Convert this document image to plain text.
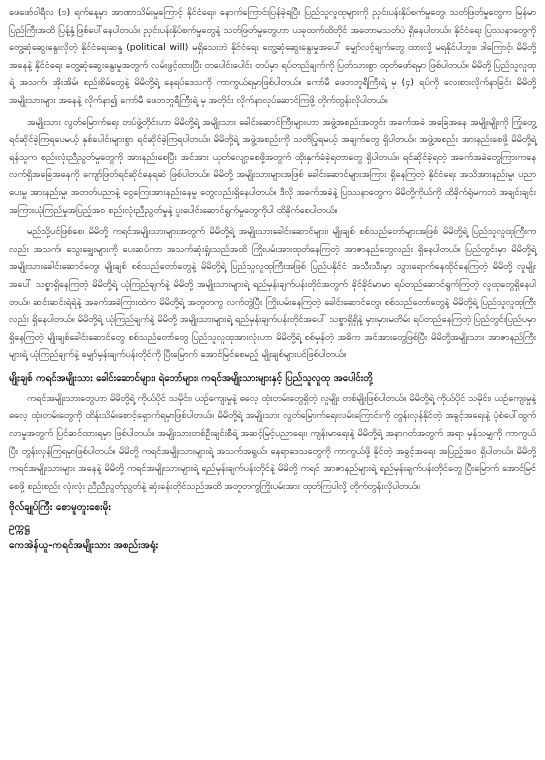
ဖေဖော်ဝါရီလ (၁) ရက်နေ့မှာ အာဏာသိမ်းမှုကြောင့် နိုင်ငံရေး၊ နောက်ကြောင်းပြန်ခဲ့ရပြီး ပြည်သူလူထုများကို ညှင်းပန်းနှိပ်စက်မှုတွေ၊ သတ်ဖြတ်မှုတွေက မြန်မာပြည်ကြီးအထိ ပြန့်နှံ့ဖြစ်ပေါ်နေပါတယ်။ ညှင်းပန်းနှိပ်စက်မှုတွေနဲ့ သတ်ဖြတ်မှုတွေဟာ ယခုထက်ထိတိုင် အတောမသတ်ပဲ ရှိနေပါတယ်။ နိုင်ငံရေး ပြဿနာတွေကို တွေ့ဆုံဆွေးနွေးလိုတဲ့ နိုင်ငံရေးဆန္ဒ (political will) မရှိသေးဘဲ နိုင်ငံရေး တွေ့ဆုံဆွေးနွေးမှုအပေါ် မျှော်လင့်ချက်တွေ ထားလို့ မရနိုင်ပါဘူး။ ဒါကြောင့်၊ မိမိတို့ အနေနဲ့ နိုင်ငံရေး တွေ့ဆုံဆွေးနွေးမှုအတွက် လမ်းဖွင့်ထားပြီး တပေါင်းပေါင်း တပ်မှာ ရပ်တည်ချက်ကို ပြတ်သားစွာ ထုတ်ဖော်ရမှာ ဖြစ်ပါတယ်။ မိမိတို့ ပြည်သူလူထုရဲ့ အသက်၊ အိုးအိမ်၊ စည်းစိမ်တွေနဲ့ မိမိတို့ရဲ့ နေရပ်ဒေသကို ကာကွယ်ရမှာဖြစ်ပါတယ်။ ကော်မီ ဖေဘဘူရီကြီးရဲ့ မှ (၄) ရပ်ကို လေးစားလိုက်နာခြင်း မိမိတို့ အမျိုးသားများ အနေနဲ့ လိုက်နာ၍ ကော်မီ ဖေဘဘူရီကြီးရဲ့ မှ အတိုင်း လိုက်နာလုပ်ဆောင်ကြဖို့ တိုက်တွန်းလိုပါတယ်။

အမျိုးသား လွတ်မြောက်ရေး တပ်ဖွဲ့တိုင်းဟာ မိမိတို့ရဲ့ အမျိုးသား ခေါင်းဆောင်ကြီးများဟာ အဖွဲ့အစည်းအတွင်း အခက်အခဲ အခြေအနေ အမျိုးမျိုးကို ကြုံတွေ့ရင်ဆိုင်ခဲ့ကြရပေမယ့် နှစ်ပေါင်းများစွာ ရင်ဆိုင်ခဲ့ကြရပါတယ်။ မိမိတို့ရဲ့ အဖွဲ့အစည်းကို သတိပြုရမယ့် အချက်တွေ ရှိပါတယ်။ အဖွဲ့အစည်း အားနည်းစေဖို့ မိမိတို့ရဲ့ ရန်သူက စည်းလုံးညီညွတ်မှုတွေကို အားနည်းစေပြီး အင်အား ယုတ်လျော့စေဖို့အတွက် ထိုးနှက်ခံခဲ့ရတာတွေ ရှိပါတယ်။ ရင်ဆိုင်ခဲ့ရတဲ့ အခက်အခဲတွေကြားကနေ လက်ရှိအခြေအနေကို ကျော်ဖြတ်ရင်ဆိုင်နေရဆဲ ဖြစ်ပါတယ်။ မိမိတို့ အမျိုးသားများအဖြစ် ခေါင်းဆောင်များအကြား ရှိနေကြတဲ့ နိုင်ငံရေး အသိအားနည်းမှု၊ ပညာပေးမှု အားနည်းမှု၊ အတတ်ပညာနဲ့ ငွေကြေးအားနည်းနေမှု တွေလည်းရှိနေပါတယ်။ ဒီလို အခက်အခဲနဲ့ ပြဿနာတွေက မိမိတို့ကိုယ်ကို ထိခိုက်ရုံမကဘဲ အချင်းချင်း အကြားယုံကြည်မှုအပြည့်အဝ စည်းလုံးညီညွတ်မှုနဲ့ ပူးပေါင်းဆောင်ရွက်မှုတွေကိုပါ ထိခိုက်စေပါတယ်။

မည်သို့ပင်ဖြစ်စေ၊ မိမိတို့ ကရင်အမျိုးသားများအတွက် မိမိတို့ရဲ့ အမျိုးသားခေါင်းဆောင်များ၊ မျိုးချစ် စစ်သည်တော်များအဖြစ် မိမိတို့ရဲ့ ပြည်သူလူထုကြီးကလည်း အသက်၊ သွေးချွေးများကို ပေးဆပ်ကာ အသက်ဆုံးရှုံးသည်အထိ ကြိုးပမ်းအားထုတ်နေကြတဲ့ အာဇာနည်တွေလည်း ရှိနေပါတယ်။ ပြည်တွင်းမှာ မိမိတို့ရဲ့ အမျိုးသားခေါင်းဆောင်တွေ၊ မျိုးချစ် စစ်သည်တော်တွေနဲ့ မိမိတို့ရဲ့ ပြည်သူလူထုကြီးအဖြစ် ပြည်ပနိုင်ငံ အသီးသီးမှာ သွားရောက်နေထိုင်နေကြတဲ့ မိမိတို့ လူမျိုးအပေါ် သစ္စာရှိနေကြတဲ့ မိမိတို့ရဲ့ ယုံကြည်ချက်နဲ့ မိမိတို့ အမျိုးသားများရဲ့ ရည်မှန်းချက်ပန်းတိုင်အတွက် ခိုင်ခိုင်မာမာ ရပ်တည်ဆောင်ရွက်ကြတဲ့ လူထုတွေရှိနေပါတယ်။ ဆင်းဆင်းရဲရဲနဲ့ အခက်အခဲကြားထဲက မိမိတို့ရဲ့ အတူတကွ လက်တွဲပြီး ကြိုးပမ်းနေကြတဲ့ ခေါင်းဆောင်တွေ၊ စစ်သည်တော်တွေနဲ့ မိမိတို့ရဲ့ ပြည်သူလူထုကြီးလည်း ရှိနေပါတယ်။ မိမိတို့ရဲ့ ယုံကြည်ချက်နဲ့ မိမိတို့ အမျိုးသားများရဲ့ ရည်မှန်းချက်ပန်းတိုင်အပေါ် သစ္စာရှိရှိနဲ့ မှားမှားမတိမ်း ရပ်တည်နေကြတဲ့ ပြည်တွင်းပြည်ပမှာ ရှိနေကြတဲ့ မျိုးချစ်ခေါင်းဆောင်တွေ စစ်သည်တော်တွေ ပြည်သူလူထုအားလုံးဟာ မိမိတို့ရဲ့ စစ်မှန်တဲ့ အဓိက အင်အားတွေဖြစ်ပြီး မိမိတို့အမျိုးသား အာဇာနည်ကြီးများရဲ့ ယုံကြည်ချက်နဲ့ မျှော်မှန်းချက်ပန်းတိုင်ကို ပြီးမြောက် အောင်မြင်စေမည့် မျိုးချစ်များပင်ဖြစ်ပါတယ်။

မျိုးချစ် ကရင်အမျိုးသား ခေါင်းဆောင်များ၊ ရဲဘော်များ၊ ကရင်အမျိုးသားများနှင့် ပြည်သူလူထု အပေါင်းတို့

ကရင်အမျိုးသားတွေဟာ မိမိတို့ရဲ့ ကိုယ်ပိုင် သမိုင်း၊ ယဉ်ကျေးမှုနဲ့ ဓလေ့ ထုံးတမ်းတွေရှိတဲ့ လူမျိုး တစ်မျိုးဖြစ်ပါတယ်။ မိမိတို့ရဲ့ ကိုယ်ပိုင် သမိုင်း၊ ယဉ်ကျေးမှုနဲ့ ဓလေ့ ထုံးတမ်းတွေကို ထိန်းသိမ်းစောင့်ရှောက်ရမှာဖြစ်ပါတယ်။ မိမိတို့ရဲ့ အမျိုးသား လွတ်မြောက်ရေးလမ်းကြောင်းကို တွန်းလှန်နိုင်တဲ့ အခွင့်အရေးနဲ့ ပုံစံပေါ်ထွက်လာမှုအတွက် ပြင်ဆင်ထားရမှာ ဖြစ်ပါတယ်။ အမျိုးသားတစ်ဦးချင်းစီရဲ့ အဆင့်မြင့်ပညာရေး၊ ကျန်းမာရေးနဲ့ မိမိတို့ရဲ့ အနာဂတ်အတွက် အရာ မှန်သမျှကို ကာကွယ်ပြီး တွန်းလှန်ကြရမှာဖြစ်ပါတယ်။ မိမိတို့ ကရင်အမျိုးသားများရဲ့ အသက်အရွယ်၊ နေရာဒေသတွေကို ကာကွယ်ဖို့ နိုင်တဲ့ အခွင့်အရေး အပြည့်အဝ ရှိပါတယ်။ မိမိတို့ ကရင်အမျိုးသားများ အနေနဲ့ မိမိတို့ ကရင်အမျိုးသားများရဲ့ ရည်မှန်းချက်ပန်းတိုင်နဲ့ မိမိတို့ ကရင် အာဇာနည်များရဲ့ ရည်မှန်းချက်ပန်းတိုင်တွေ ပြီးမြောက် အောင်မြင်စေဖို့ စည်းစည်း လုံးလုံး ညီညီညွတ်ညွတ်နဲ့ ဆုံးခန်းတိုင်သည်အထိ အတူတကွကြိုးပမ်းအား ထုတ်ကြပါလို့ တိုက်တွန်းလိုပါတယ်။

ဗိုလ်ချုပ်ကြီး စောမူတူးစေးမိုး

ဥက္ကဋ္ဌ

ကေအဲန်ယူ-ကရင်အမျိုးသား အစည်းအရုံး
